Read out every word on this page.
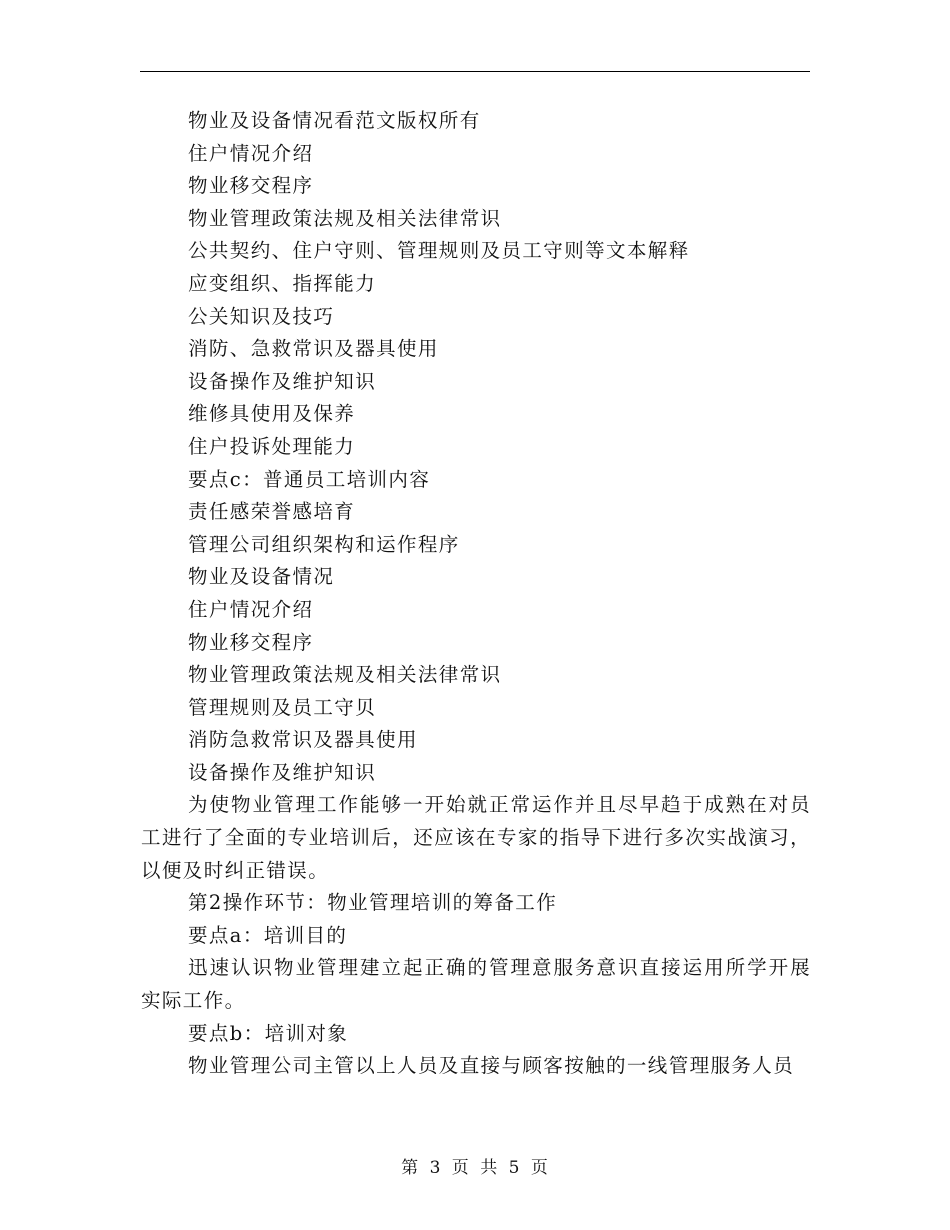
物业及设备情况看范文版权所有
住户情况介绍
物业移交程序
物业管理政策法规及相关法律常识
公共契约、住户守则、管理规则及员工守则等文本解释
应变组织、指挥能力
公关知识及技巧
消防、急救常识及器具使用
设备操作及维护知识
维修具使用及保养
住户投诉处理能力
要点c：普通员工培训内容
责任感荣誉感培育
管理公司组织架构和运作程序
物业及设备情况
住户情况介绍
物业移交程序
物业管理政策法规及相关法律常识
管理规则及员工守贝
消防急救常识及器具使用
设备操作及维护知识

为使物业管理工作能够一开始就正常运作并且尽早趋于成熟在对员工进行了全面的专业培训后，还应该在专家的指导下进行多次实战演习，以便及时纠正错误。

第2操作环节：物业管理培训的筹备工作
要点a：培训目的

迅速认识物业管理建立起正确的管理意服务意识直接运用所学开展实际工作。

要点b：培训对象

物业管理公司主管以上人员及直接与顾客按触的一线管理服务人员

第 3 页 共 5 页
